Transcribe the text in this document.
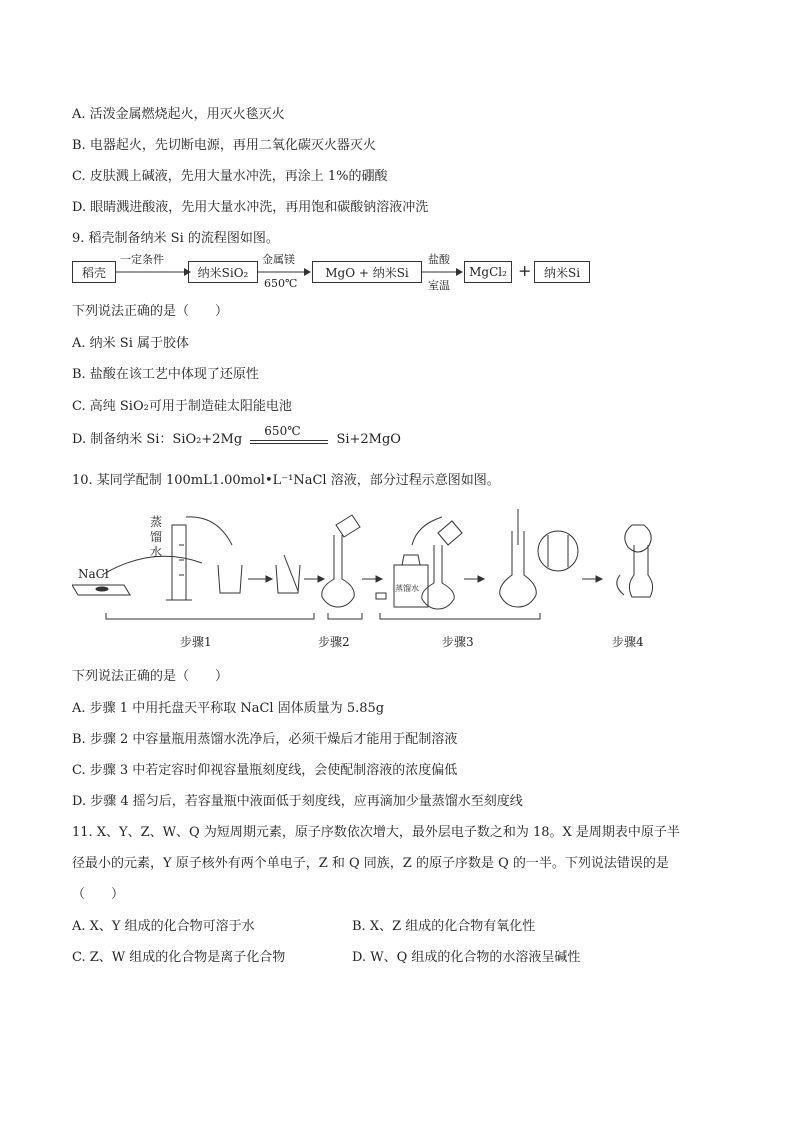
A. 活泼金属燃烧起火，用灭火毯灭火
B. 电器起火，先切断电源，再用二氧化碳灭火器灭火
C. 皮肤溅上碱液，先用大量水冲洗，再涂上 1%的硼酸
D. 眼睛溅进酸液，先用大量水冲洗，再用饱和碳酸钠溶液冲洗
9. 稻壳制备纳米 Si 的流程图如图。
稻壳
一定条件
纳米SiO₂
金属镁
650℃
MgO + 纳米Si
盐酸
室温
MgCl₂ +	纳米Si
下列说法正确的是（　　）
A. 纳米 Si 属于胶体
B. 盐酸在该工艺中体现了还原性
C. 高纯 SiO₂可用于制造硅太阳能电池
D. 制备纳米 Si：SiO₂+2Mg
650℃
Si+2MgO
10. 某同学配制 100mL1.00mol•L⁻¹NaCl 溶液，部分过程示意图如图。
NaCl
蒸馏水
蒸馏水
步骤1	步骤2	步骤3	步骤4
下列说法正确的是（　　）
A. 步骤 1 中用托盘天平称取 NaCl 固体质量为 5.85g
B. 步骤 2 中容量瓶用蒸馏水洗净后，必须干燥后才能用于配制溶液
C. 步骤 3 中若定容时仰视容量瓶刻度线，会使配制溶液的浓度偏低
D. 步骤 4 摇匀后，若容量瓶中液面低于刻度线，应再滴加少量蒸馏水至刻度线
11. X、Y、Z、W、Q 为短周期元素，原子序数依次增大，最外层电子数之和为 18。X 是周期表中原子半
径最小的元素，Y 原子核外有两个单电子，Z 和 Q 同族，Z 的原子序数是 Q 的一半。下列说法错误的是
（　　）
A. X、Y 组成的化合物可溶于水	B. X、Z 组成的化合物有氧化性
C. Z、W 组成的化合物是离子化合物	D. W、Q 组成的化合物的水溶液呈碱性
